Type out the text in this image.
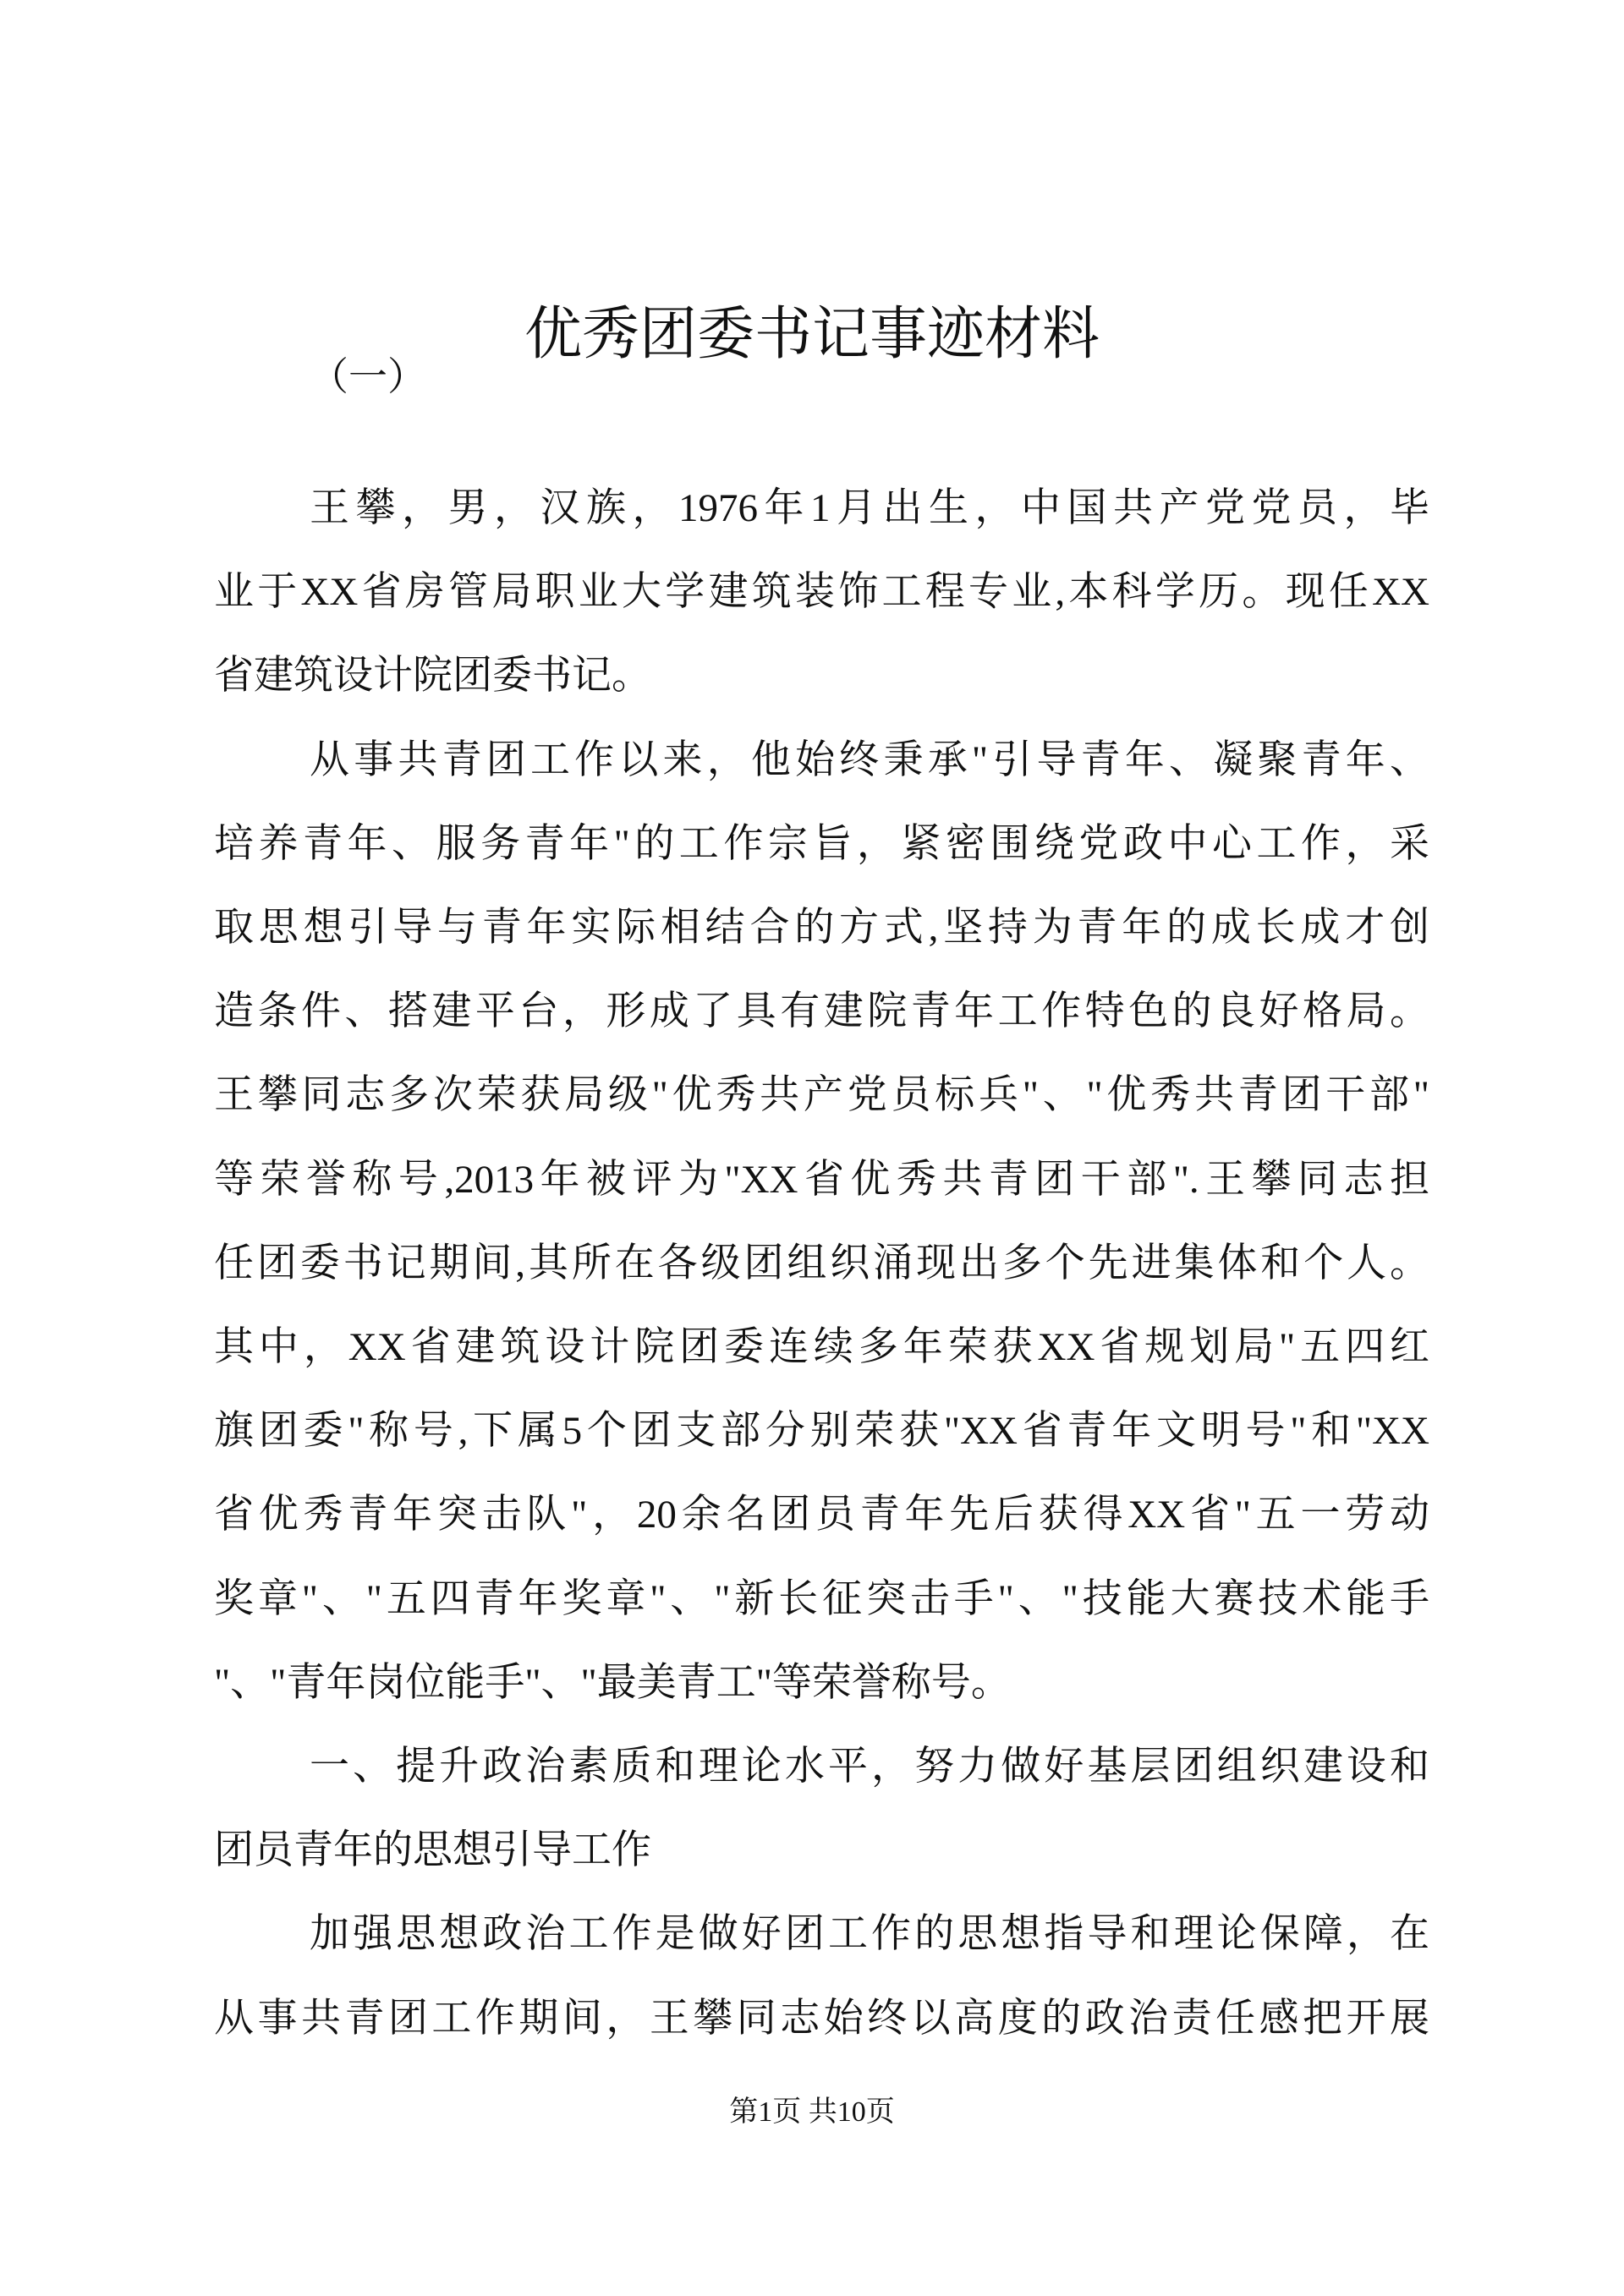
优秀团委书记事迹材料
（一）
王攀，男，汉族，1976年1月出生，中国共产党党员，毕
业于XX省房管局职业大学建筑装饰工程专业,本科学历。现任XX
省建筑设计院团委书记。
从事共青团工作以来，他始终秉承"引导青年、凝聚青年、
培养青年、服务青年"的工作宗旨，紧密围绕党政中心工作，采
取思想引导与青年实际相结合的方式,坚持为青年的成长成才创
造条件、搭建平台，形成了具有建院青年工作特色的良好格局。
王攀同志多次荣获局级"优秀共产党员标兵"、"优秀共青团干部"
等荣誉称号,2013年被评为"XX省优秀共青团干部".王攀同志担
任团委书记期间,其所在各级团组织涌现出多个先进集体和个人。
其中，XX省建筑设计院团委连续多年荣获XX省规划局"五四红
旗团委"称号,下属5个团支部分别荣获"XX省青年文明号"和"XX
省优秀青年突击队"，20余名团员青年先后获得XX省"五一劳动
奖章"、"五四青年奖章"、"新长征突击手"、"技能大赛技术能手
"、"青年岗位能手"、"最美青工"等荣誉称号。
一、提升政治素质和理论水平，努力做好基层团组织建设和
团员青年的思想引导工作
加强思想政治工作是做好团工作的思想指导和理论保障，在
从事共青团工作期间，王攀同志始终以高度的政治责任感把开展
第1页 共10页
